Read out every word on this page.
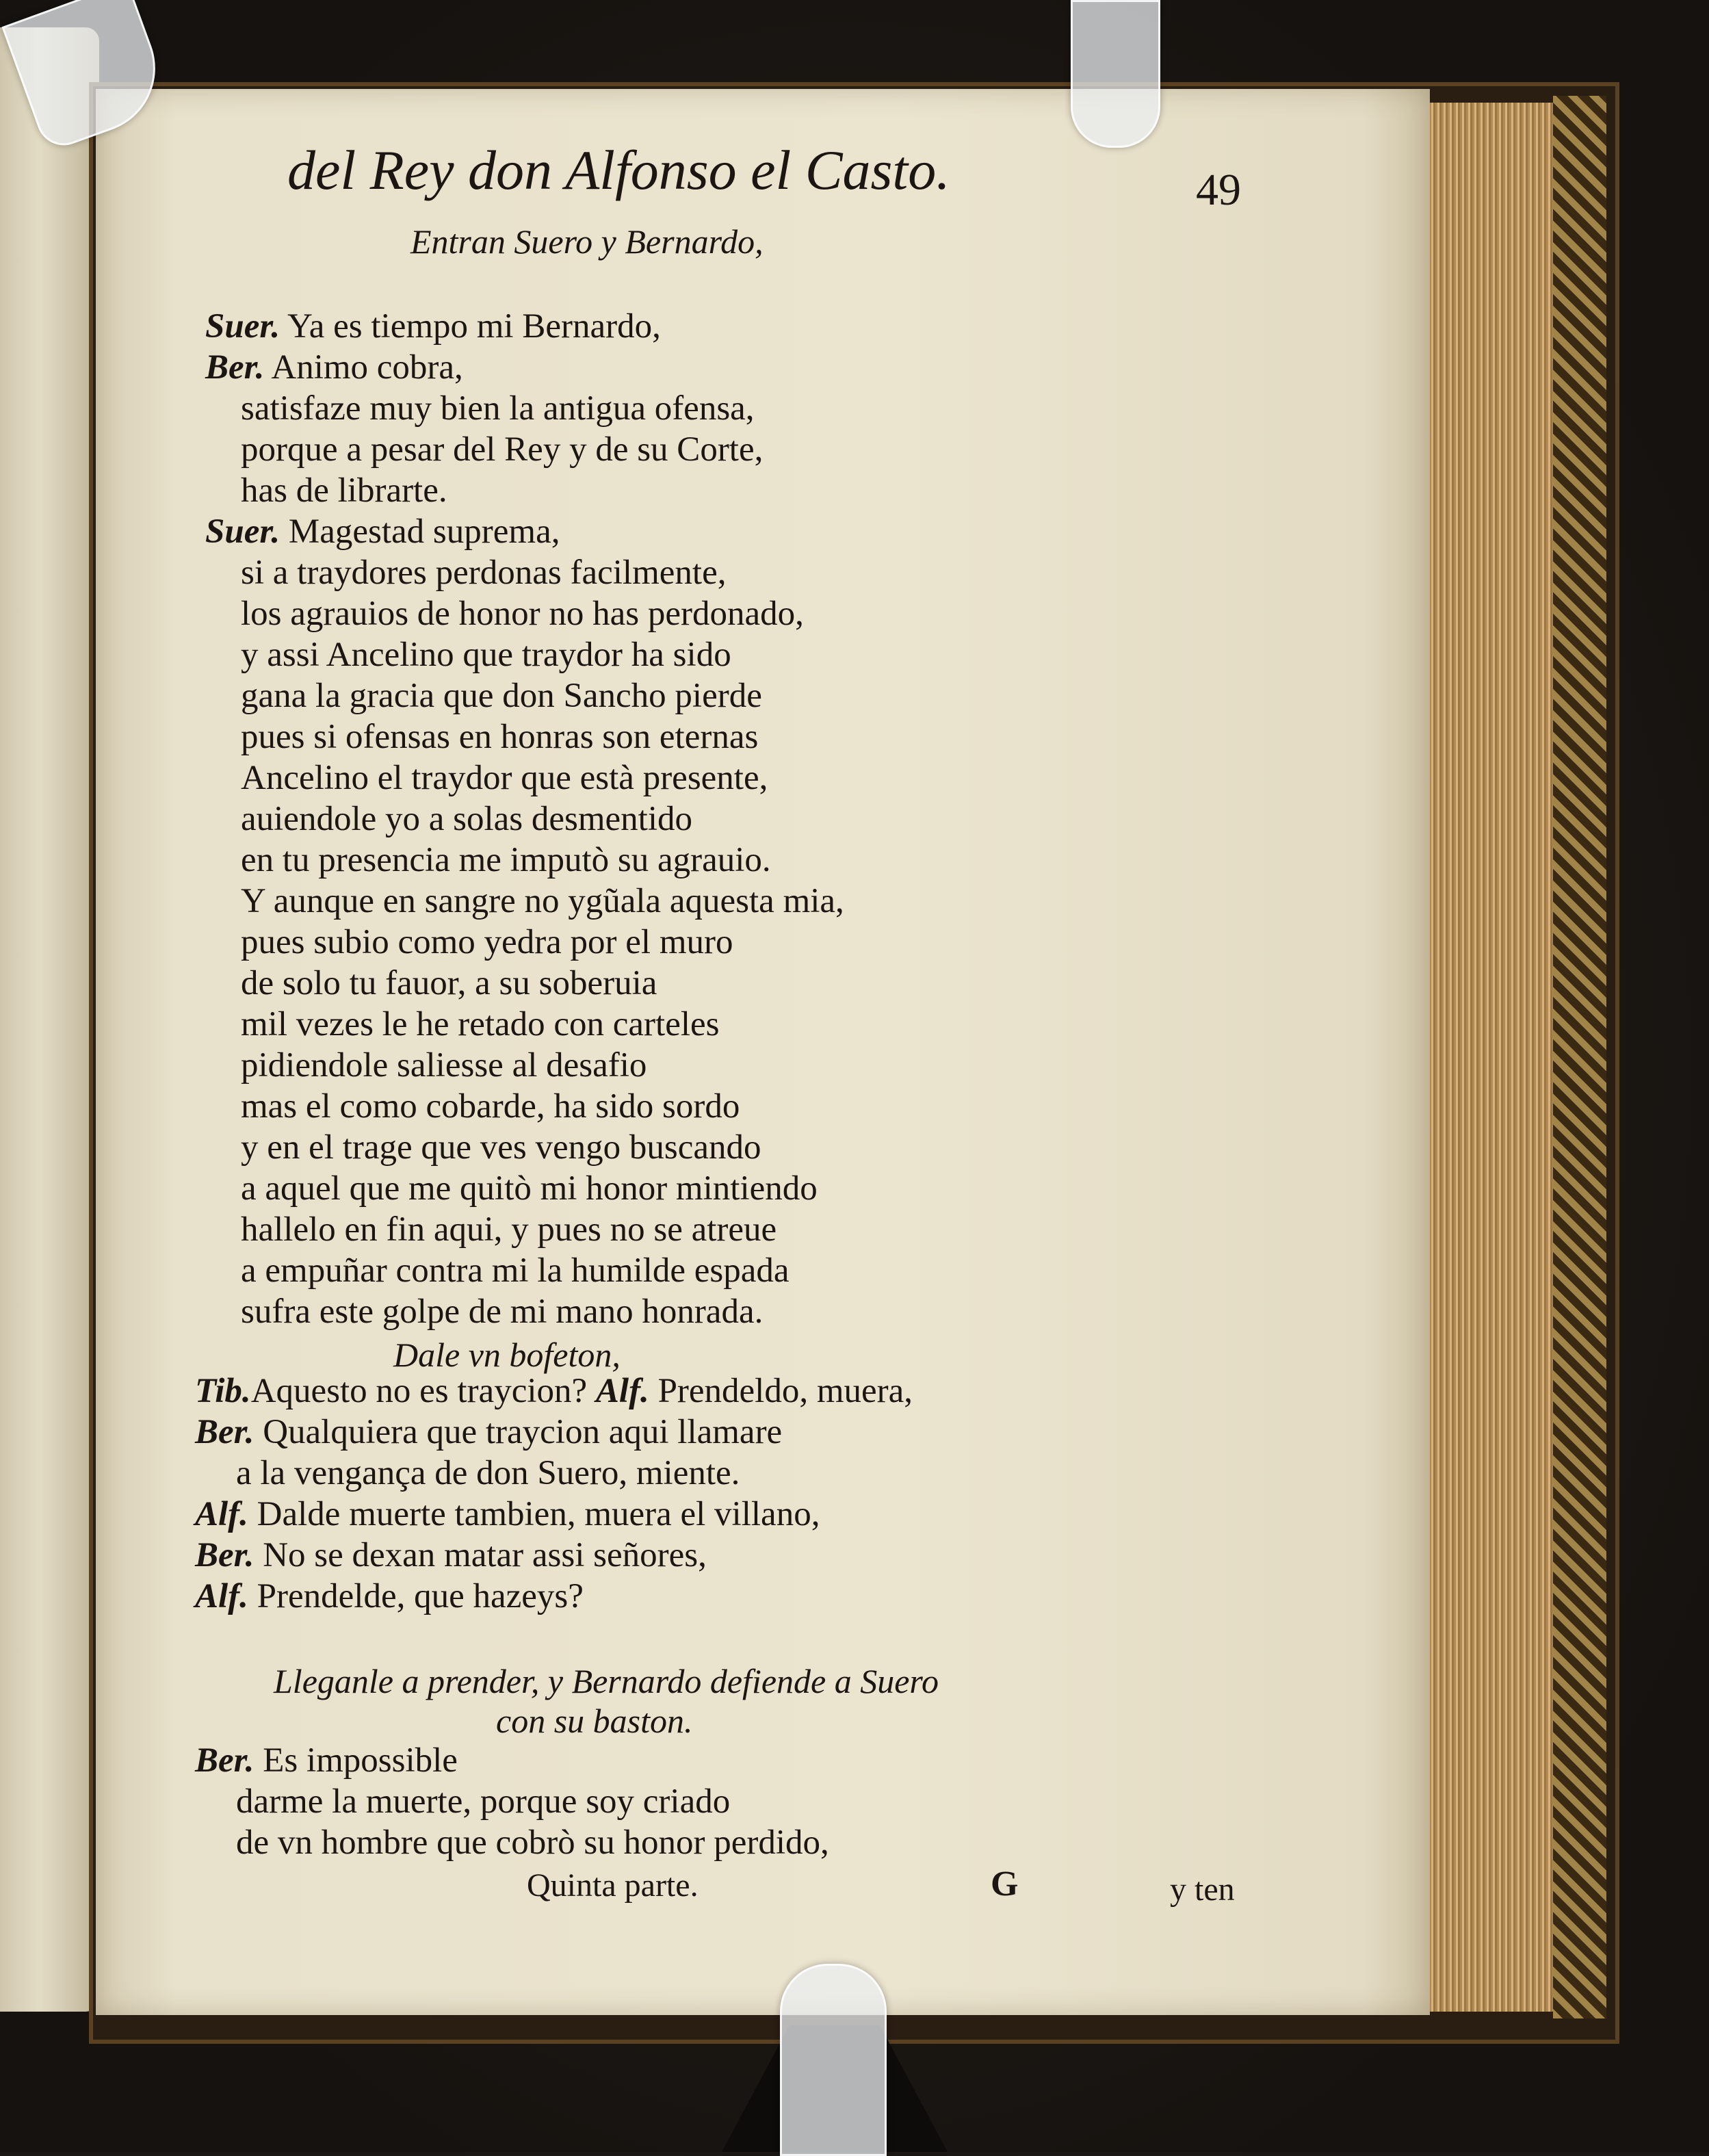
del Rey don Alfonso el Casto.	49
Entran Suero y Bernardo,
Suer. Ya es tiempo mi Bernardo,
Ber. Animo cobra,
satisfaze muy bien la antigua ofensa,
porque a pesar del Rey y de su Corte,
has de librarte.
Suer. Magestad suprema,
si a traydores perdonas facilmente,
los agrauios de honor no has perdonado,
y assi Ancelino que traydor ha sido
gana la gracia que don Sancho pierde
pues si ofensas en honras son eternas
Ancelino el traydor que està presente,
auiendole yo a solas desmentido
en tu presencia me imputò su agrauio.
Y aunque en sangre no ygũala aquesta mia,
pues subio como yedra por el muro
de solo tu fauor, a su soberuia
mil vezes le he retado con carteles
pidiendole saliesse al desafio
mas el como cobarde, ha sido sordo
y en el trage que ves vengo buscando
a aquel que me quitò mi honor mintiendo
hallelo en fin aqui, y pues no se atreue
a empuñar contra mi la humilde espada
sufra este golpe de mi mano honrada.
Dale vn bofeton,
Tib.Aquesto no es traycion? Alf. Prendeldo, muera,
Ber. Qualquiera que traycion aqui llamare
a la vengança de don Suero, miente.
Alf. Dalde muerte tambien, muera el villano,
Ber. No se dexan matar assi señores,
Alf. Prendelde, que hazeys?
Lleganle a prender, y Bernardo defiende a Suero
con su baston.
Ber. Es impossible
darme la muerte, porque soy criado
de vn hombre que cobrò su honor perdido,
Quinta parte.	G	y ten
